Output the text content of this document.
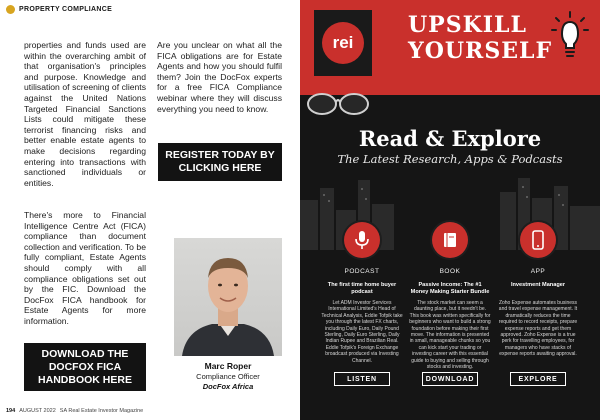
PROPERTY COMPLIANCE

properties and funds used are within the overarching ambit of that organisation's principles and purpose. Knowledge and utilisation of screening of clients against the United Nations Targeted Financial Sanctions Lists could mitigate these terrorist financing risks and better enable estate agents to make decisions regarding entering into transactions with sanctioned individuals or entities.

There's more to Financial Intelligence Centre Act (FICA) compliance than document collection and verification. To be fully compliant, Estate Agents should comply with all compliance obligations set out by the FIC. Download the DocFox FICA handbook for Estate Agents for more information.

Are you unclear on what all the FICA obligations are for Estate Agents and how you should fulfil them? Join the DocFox experts for a free FICA Compliance webinar where they will discuss everything you need to know.

REGISTER TODAY BY CLICKING HERE
DOWNLOAD THE DOCFOX FICA HANDBOOK HERE
Marc Roper
Compliance Officer
DocFox Africa
194 AUGUST 2022 SA Real Estate Investor Magazine
rei
UPSKILL
YOURSELF
Read & Explore
The Latest Research, Apps & Podcasts
PODCAST
The first time home buyer podcast
Let ADM Investor Services International Limited's Head of Technical Analysis, Eddie Tofpik take you through the latest FX charts, including Daily Euro, Daily Pound Sterling, Daily Euro Sterling, Daily Indian Rupee and Brazilian Real. Eddie Tofpik's Foreign Exchange broadcast produced via Investing Channel.
LISTEN
BOOK
Passive Income: The #1 Money Making Starter Bundle
The stock market can seem a daunting place, but it needn't be. This book was written specifically for beginners who want to build a strong foundation before making their first move. The information is presented in small, manageable chunks so you can kick start your trading or investing career with this essential guide to buying and selling through stocks and investing.
DOWNLOAD
APP
Investment Manager
Zoho Expense automates business and travel expense management. It dramatically reduces the time required to record receipts, prepare expense reports and get them approved. Zoho Expense is a true perk for travelling employees, for managers who have stacks of expense reports awaiting approval.
EXPLORE
